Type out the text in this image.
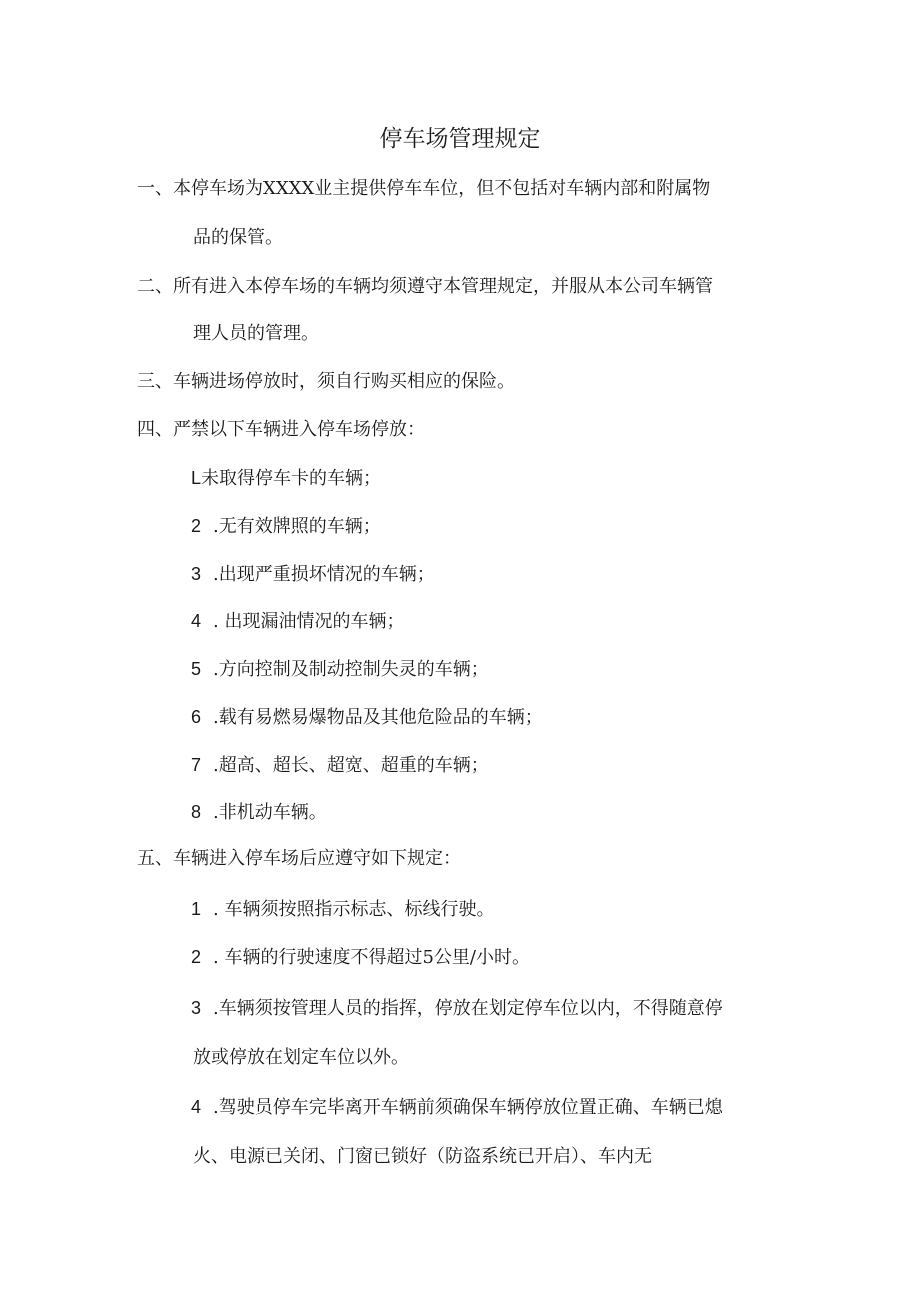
停车场管理规定
一、本停车场为XXXX业主提供停车车位，但不包括对车辆内部和附属物
品的保管。
二、所有进入本停车场的车辆均须遵守本管理规定，并服从本公司车辆管
理人员的管理。
三、车辆进场停放时，须自行购买相应的保险。
四、严禁以下车辆进入停车场停放：
L未取得停车卡的车辆；
2 .无有效牌照的车辆；
3 .出现严重损坏情况的车辆；
4 . 出现漏油情况的车辆；
5 .方向控制及制动控制失灵的车辆；
6 .载有易燃易爆物品及其他危险品的车辆；
7 .超高、超长、超宽、超重的车辆；
8 .非机动车辆。
五、车辆进入停车场后应遵守如下规定：
1 . 车辆须按照指示标志、标线行驶。
2 . 车辆的行驶速度不得超过5公里/小时。
3 .车辆须按管理人员的指挥，停放在划定停车位以内，不得随意停
放或停放在划定车位以外。
4 .驾驶员停车完毕离开车辆前须确保车辆停放位置正确、车辆已熄
火、电源已关闭、门窗已锁好（防盗系统已开启）、车内无
